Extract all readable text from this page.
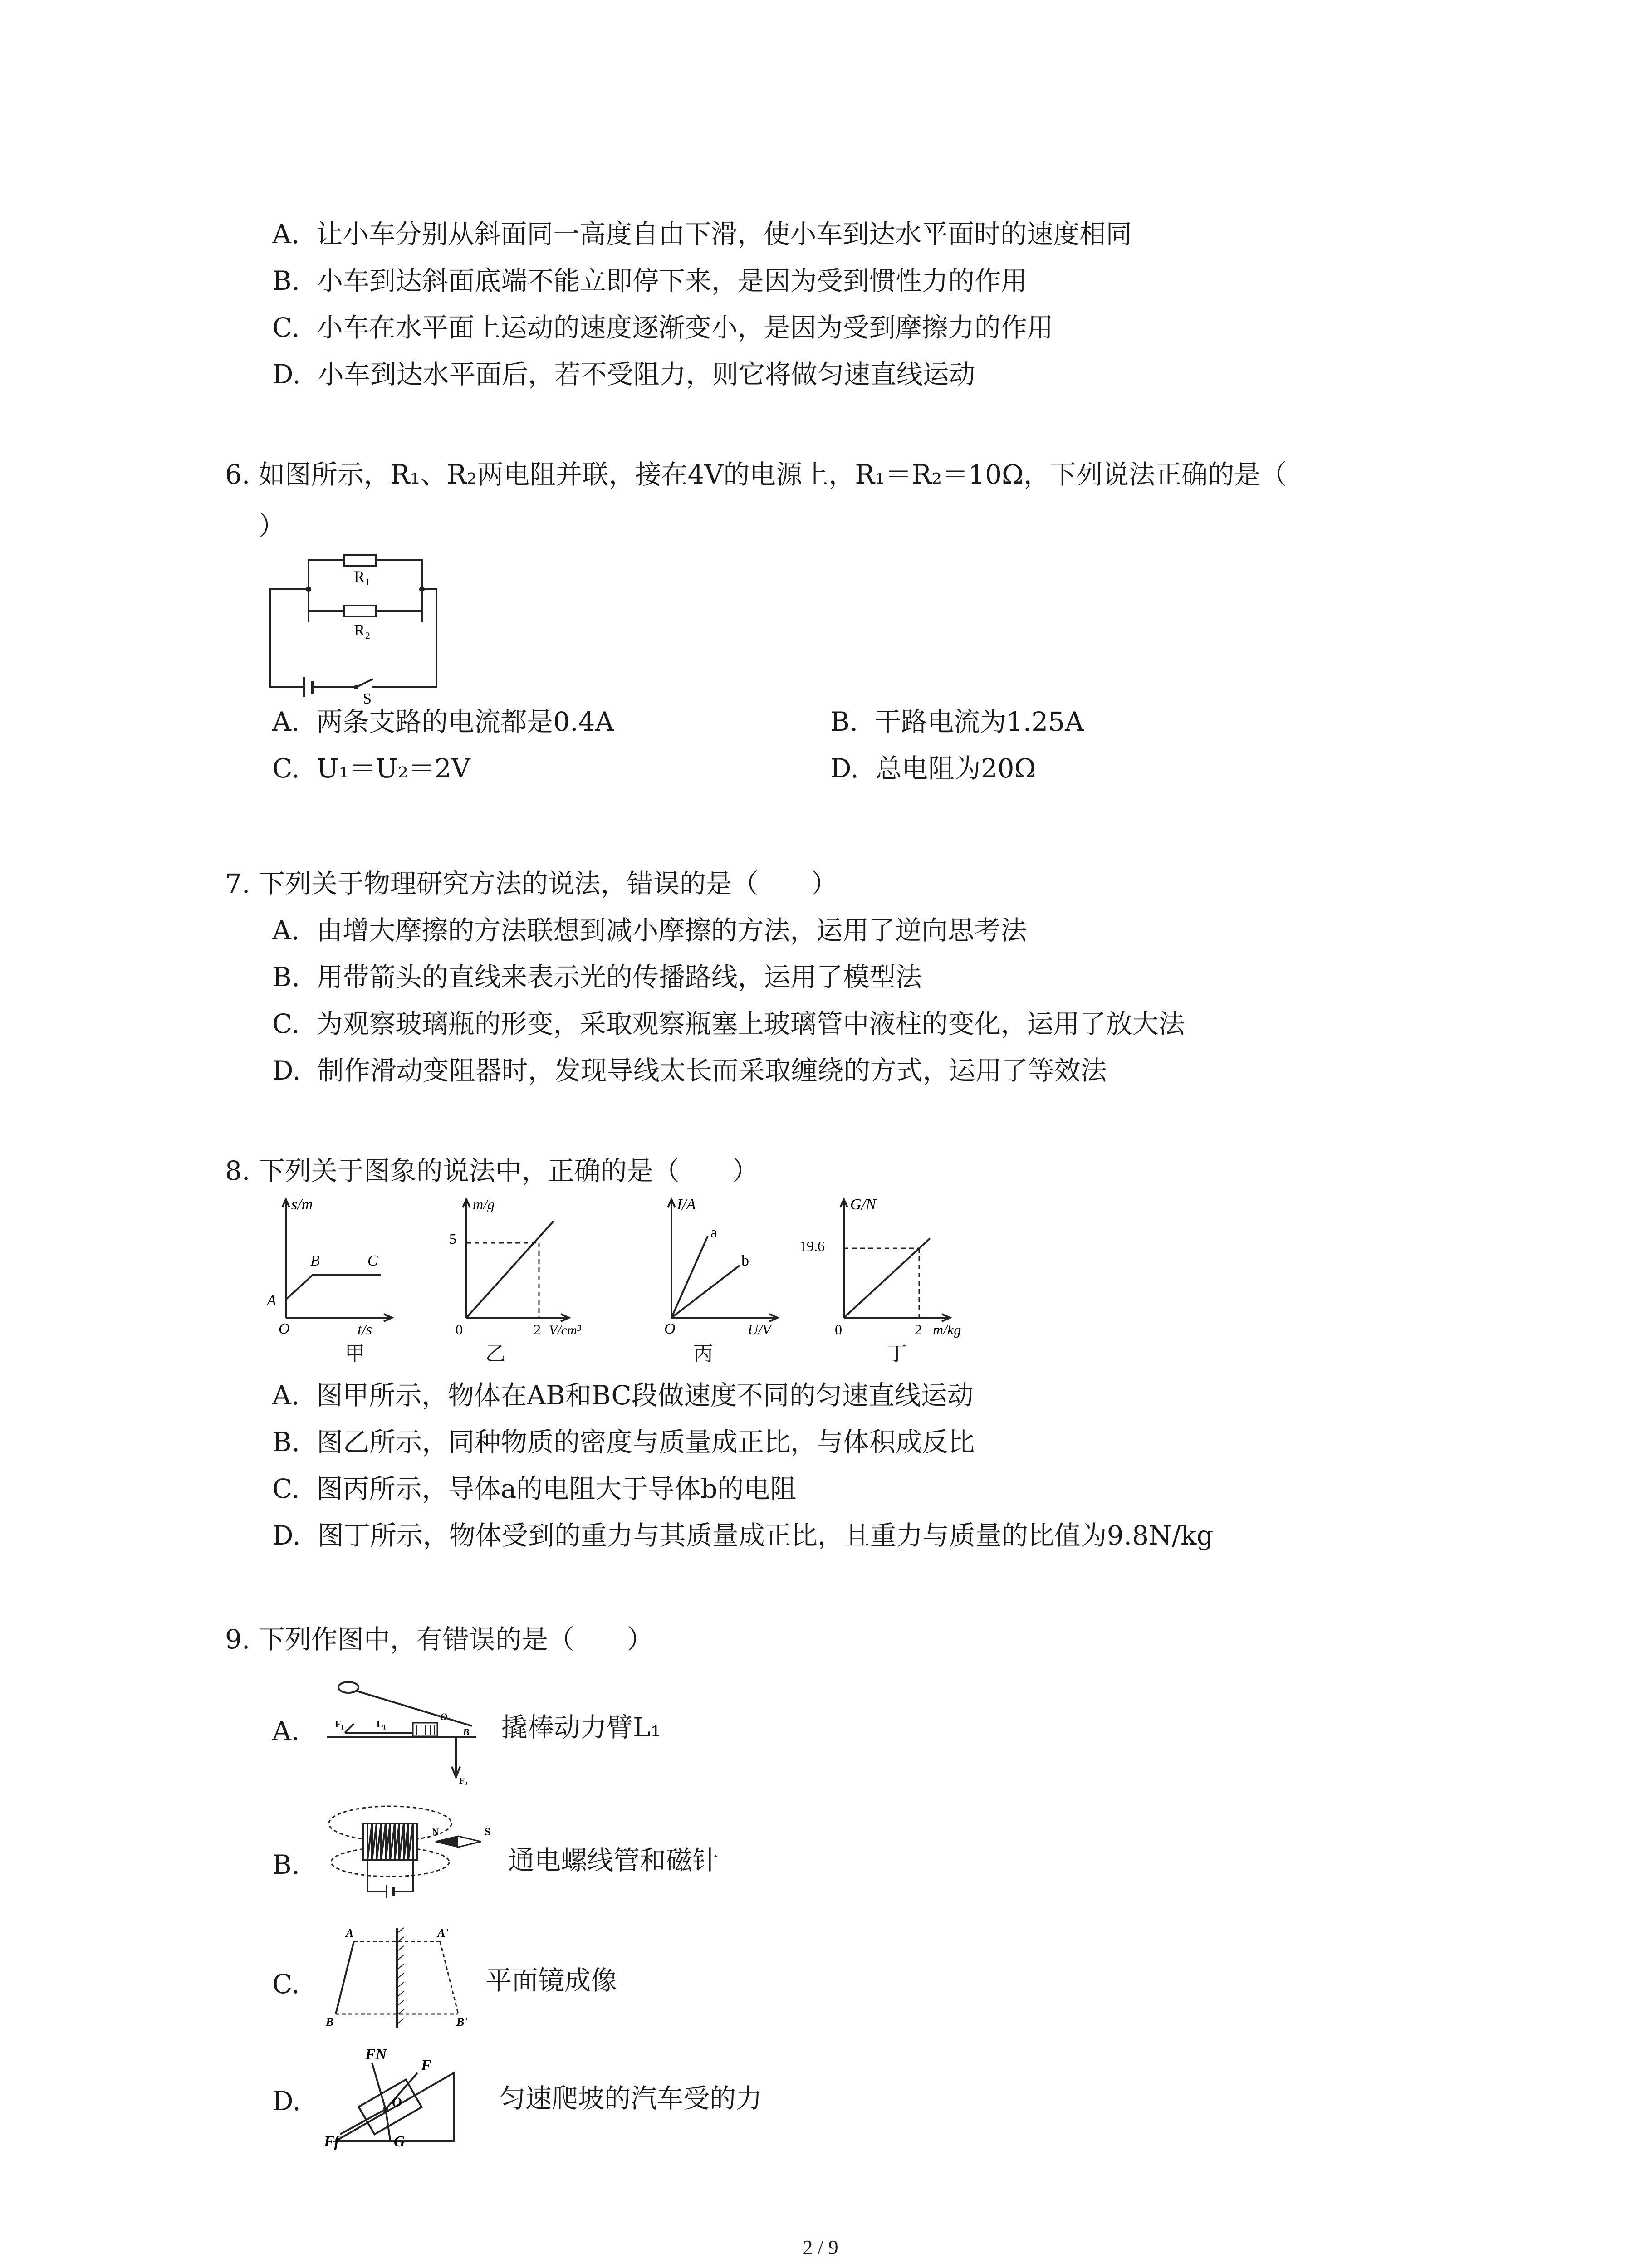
A. 让小车分别从斜面同一高度自由下滑，使小车到达水平面时的速度相同
B. 小车到达斜面底端不能立即停下来，是因为受到惯性力的作用
C. 小车在水平面上运动的速度逐渐变小，是因为受到摩擦力的作用
D. 小车到达水平面后，若不受阻力，则它将做匀速直线运动
6. 如图所示，R₁、R₂两电阻并联，接在4V的电源上，R₁＝R₂＝10Ω，下列说法正确的是（
）
R₁
R₂
S
A. 两条支路的电流都是0.4A	B. 干路电流为1.25A
C. U₁＝U₂＝2V	D. 总电阻为20Ω
7. 下列关于物理研究方法的说法，错误的是（　　）
A. 由增大摩擦的方法联想到减小摩擦的方法，运用了逆向思考法
B. 用带箭头的直线来表示光的传播路线，运用了模型法
C. 为观察玻璃瓶的形变，采取观察瓶塞上玻璃管中液柱的变化，运用了放大法
D. 制作滑动变阻器时，发现导线太长而采取缠绕的方式，运用了等效法
8. 下列关于图象的说法中，正确的是（　　）
s/m
t/s
O
A
B	C
甲
m/g
5
0	2 V/cm³
乙
I/A
O	U/V
a
b
丙
G/N
19.6
0	2 m/kg
丁
A. 图甲所示，物体在AB和BC段做速度不同的匀速直线运动
B. 图乙所示，同种物质的密度与质量成正比，与体积成反比
C. 图丙所示，导体a的电阻大于导体b的电阻
D. 图丁所示，物体受到的重力与其质量成正比，且重力与质量的比值为9.8N/kg
9. 下列作图中，有错误的是（　　）
A.	F₁	L₁
O
B
F₂
撬棒动力臂L₁
B.
N	S
通电螺线管和磁针
C.
A	A'
B	B'
平面镜成像
D.
FN
F
O
Ff	G
匀速爬坡的汽车受的力
2 / 9
